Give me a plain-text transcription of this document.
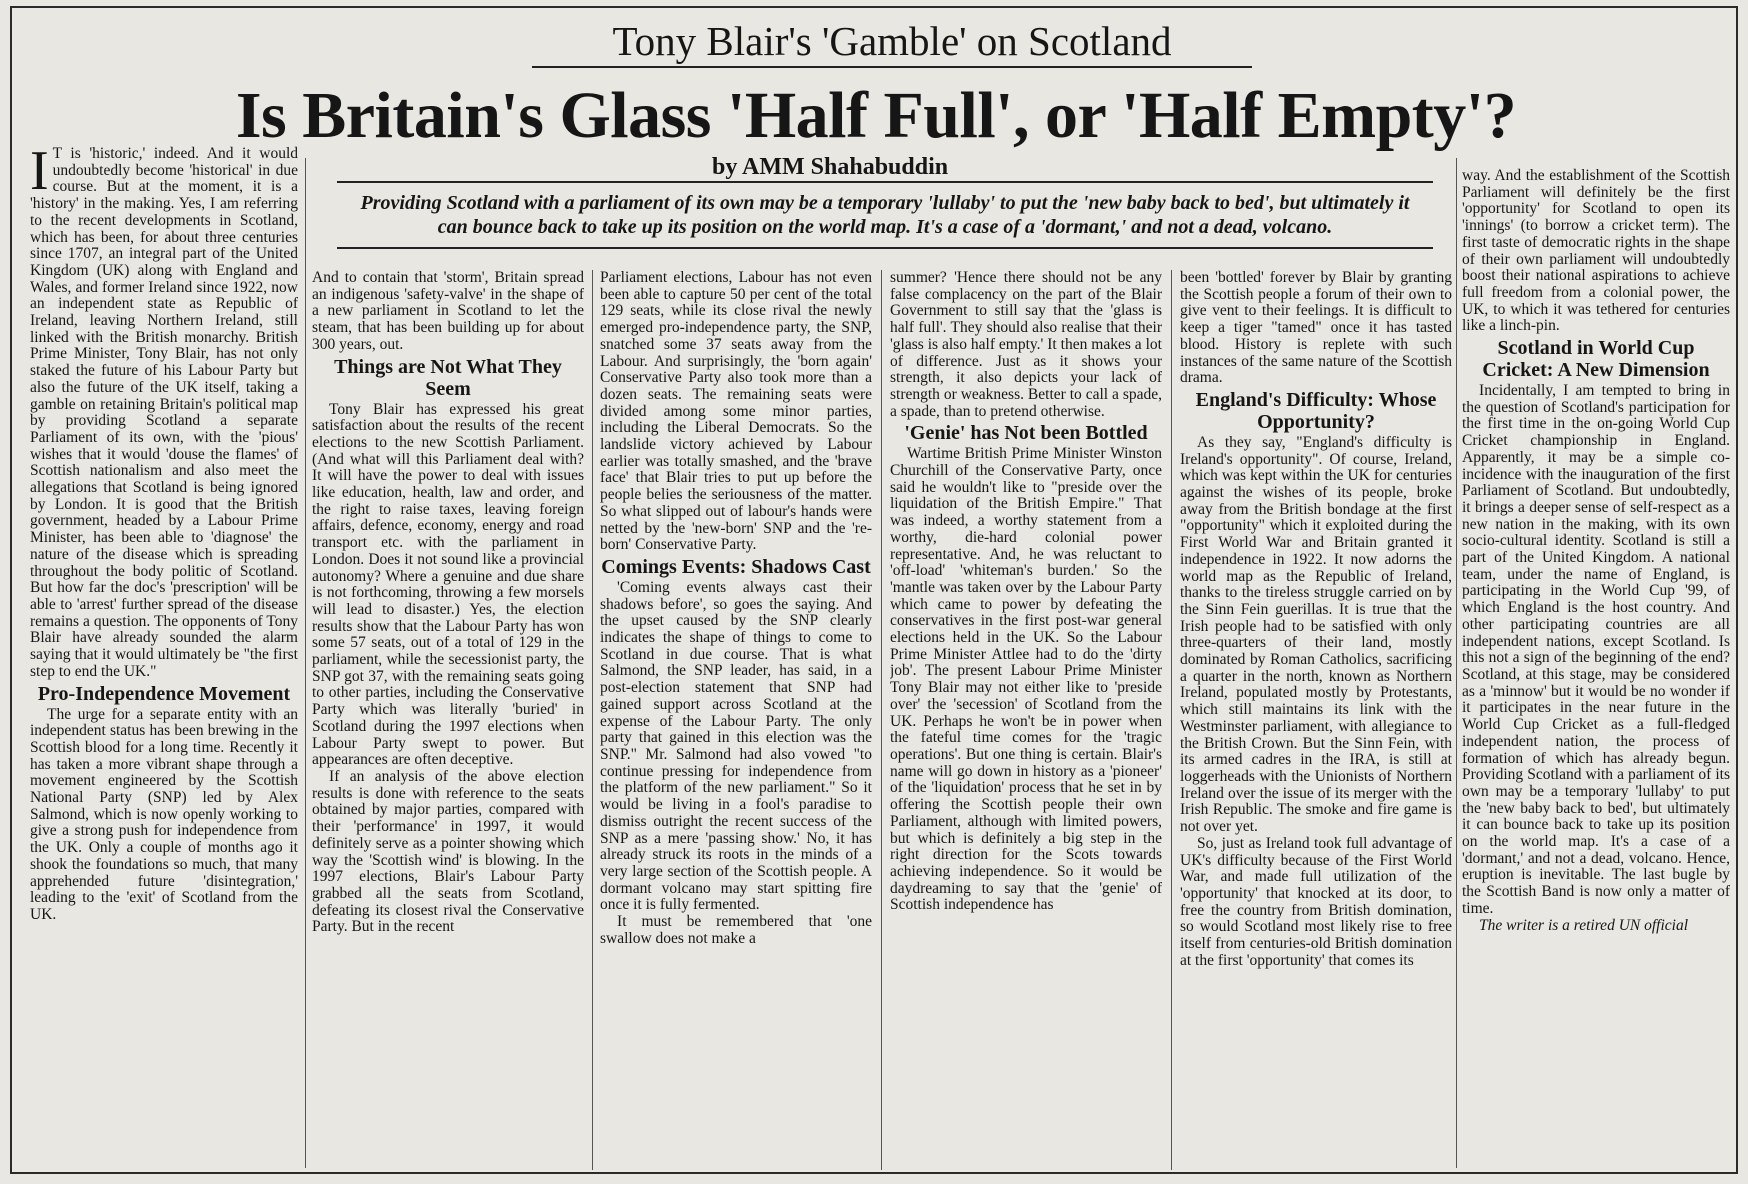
Tony Blair's 'Gamble' on Scotland
Is Britain's Glass 'Half Full', or 'Half Empty'?
by AMM Shahabuddin
Providing Scotland with a parliament of its own may be a temporary 'lullaby' to put the 'new baby back to bed', but ultimately it can bounce back to take up its position on the world map. It's a case of a 'dormant,' and not a dead, volcano.
I T is 'historic,' indeed. And it would undoubtedly become 'historical' in due course. But at the moment, it is a 'history' in the making. Yes, I am referring to the recent developments in Scotland, which has been, for about three centuries since 1707, an integral part of the United Kingdom (UK) along with England and Wales, and former Ireland since 1922, now an independent state as Republic of Ireland, leaving Northern Ireland, still linked with the British monarchy. British Prime Minister, Tony Blair, has not only staked the future of his Labour Party but also the future of the UK itself, taking a gamble on retaining Britain's political map by providing Scotland a separate Parliament of its own, with the 'pious' wishes that it would 'douse the flames' of Scottish nationalism and also meet the allegations that Scotland is being ignored by London. It is good that the British government, headed by a Labour Prime Minister, has been able to 'diagnose' the nature of the disease which is spreading throughout the body politic of Scotland. But how far the doc's 'prescription' will be able to 'arrest' further spread of the disease remains a question. The opponents of Tony Blair have already sounded the alarm saying that it would ultimately be "the first step to end the UK."

Pro-Independence Movement

The urge for a separate entity with an independent status has been brewing in the Scottish blood for a long time. Recently it has taken a more vibrant shape through a movement engineered by the Scottish National Party (SNP) led by Alex Salmond, which is now openly working to give a strong push for independence from the UK. Only a couple of months ago it shook the foundations so much, that many apprehended future 'disintegration,' leading to the 'exit' of Scotland from the UK.

And to contain that 'storm', Britain spread an indigenous 'safety-valve' in the shape of a new parliament in Scotland to let the steam, that has been building up for about 300 years, out.

Things are Not What They Seem

Tony Blair has expressed his great satisfaction about the results of the recent elections to the new Scottish Parliament. (And what will this Parliament deal with? It will have the power to deal with issues like education, health, law and order, and the right to raise taxes, leaving foreign affairs, defence, economy, energy and road transport etc. with the parliament in London. Does it not sound like a provincial autonomy? Where a genuine and due share is not forthcoming, throwing a few morsels will lead to disaster.) Yes, the election results show that the Labour Party has won some 57 seats, out of a total of 129 in the parliament, while the secessionist party, the SNP got 37, with the remaining seats going to other parties, including the Conservative Party which was literally 'buried' in Scotland during the 1997 elections when Labour Party swept to power. But appearances are often deceptive.

If an analysis of the above election results is done with reference to the seats obtained by major parties, compared with their 'performance' in 1997, it would definitely serve as a pointer showing which way the 'Scottish wind' is blowing. In the 1997 elections, Blair's Labour Party grabbed all the seats from Scotland, defeating its closest rival the Conservative Party. But in the recent

Parliament elections, Labour has not even been able to capture 50 per cent of the total 129 seats, while its close rival the newly emerged pro-independence party, the SNP, snatched some 37 seats away from the Labour. And surprisingly, the 'born again' Conservative Party also took more than a dozen seats. The remaining seats were divided among some minor parties, including the Liberal Democrats. So the landslide victory achieved by Labour earlier was totally smashed, and the 'brave face' that Blair tries to put up before the people belies the seriousness of the matter. So what slipped out of labour's hands were netted by the 'new-born' SNP and the 're-born' Conservative Party.

Comings Events: Shadows Cast

'Coming events always cast their shadows before', so goes the saying. And the upset caused by the SNP clearly indicates the shape of things to come to Scotland in due course. That is what Salmond, the SNP leader, has said, in a post-election statement that SNP had gained support across Scotland at the expense of the Labour Party. The only party that gained in this election was the SNP." Mr. Salmond had also vowed "to continue pressing for independence from the platform of the new parliament." So it would be living in a fool's paradise to dismiss outright the recent success of the SNP as a mere 'passing show.' No, it has already struck its roots in the minds of a very large section of the Scottish people. A dormant volcano may start spitting fire once it is fully fermented.

It must be remembered that 'one swallow does not make a

summer? 'Hence there should not be any false complacency on the part of the Blair Government to still say that the 'glass is half full'. They should also realise that their 'glass is also half empty.' It then makes a lot of difference. Just as it shows your strength, it also depicts your lack of strength or weakness. Better to call a spade, a spade, than to pretend otherwise.

'Genie' has Not been Bottled

Wartime British Prime Minister Winston Churchill of the Conservative Party, once said he wouldn't like to "preside over the liquidation of the British Empire." That was indeed, a worthy statement from a worthy, die-hard colonial power representative. And, he was reluctant to 'off-load' 'whiteman's burden.' So the 'mantle was taken over by the Labour Party which came to power by defeating the conservatives in the first post-war general elections held in the UK. So the Labour Prime Minister Attlee had to do the 'dirty job'. The present Labour Prime Minister Tony Blair may not either like to 'preside over' the 'secession' of Scotland from the UK. Perhaps he won't be in power when the fateful time comes for the 'tragic operations'. But one thing is certain. Blair's name will go down in history as a 'pioneer' of the 'liquidation' process that he set in by offering the Scottish people their own Parliament, although with limited powers, but which is definitely a big step in the right direction for the Scots towards achieving independence. So it would be daydreaming to say that the 'genie' of Scottish independence has

been 'bottled' forever by Blair by granting the Scottish people a forum of their own to give vent to their feelings. It is difficult to keep a tiger "tamed" once it has tasted blood. History is replete with such instances of the same nature of the Scottish drama.

England's Difficulty: Whose Opportunity?

As they say, "England's difficulty is Ireland's opportunity". Of course, Ireland, which was kept within the UK for centuries against the wishes of its people, broke away from the British bondage at the first "opportunity" which it exploited during the First World War and Britain granted it independence in 1922. It now adorns the world map as the Republic of Ireland, thanks to the tireless struggle carried on by the Sinn Fein guerillas. It is true that the Irish people had to be satisfied with only three-quarters of their land, mostly dominated by Roman Catholics, sacrificing a quarter in the north, known as Northern Ireland, populated mostly by Protestants, which still maintains its link with the Westminster parliament, with allegiance to the British Crown. But the Sinn Fein, with its armed cadres in the IRA, is still at loggerheads with the Unionists of Northern Ireland over the issue of its merger with the Irish Republic. The smoke and fire game is not over yet.

So, just as Ireland took full advantage of UK's difficulty because of the First World War, and made full utilization of the 'opportunity' that knocked at its door, to free the country from British domination, so would Scotland most likely rise to free itself from centuries-old British domination at the first 'opportunity' that comes its

way. And the establishment of the Scottish Parliament will definitely be the first 'opportunity' for Scotland to open its 'innings' (to borrow a cricket term). The first taste of democratic rights in the shape of their own parliament will undoubtedly boost their national aspirations to achieve full freedom from a colonial power, the UK, to which it was tethered for centuries like a linch-pin.

Scotland in World Cup Cricket: A New Dimension

Incidentally, I am tempted to bring in the question of Scotland's participation for the first time in the on-going World Cup Cricket championship in England. Apparently, it may be a simple co-incidence with the inauguration of the first Parliament of Scotland. But undoubtedly, it brings a deeper sense of self-respect as a new nation in the making, with its own socio-cultural identity. Scotland is still a part of the United Kingdom. A national team, under the name of England, is participating in the World Cup '99, of which England is the host country. And other participating countries are all independent nations, except Scotland. Is this not a sign of the beginning of the end? Scotland, at this stage, may be considered as a 'minnow' but it would be no wonder if it participates in the near future in the World Cup Cricket as a full-fledged independent nation, the process of formation of which has already begun. Providing Scotland with a parliament of its own may be a temporary 'lullaby' to put the 'new baby back to bed', but ultimately it can bounce back to take up its position on the world map. It's a case of a 'dormant,' and not a dead, volcano. Hence, eruption is inevitable. The last bugle by the Scottish Band is now only a matter of time.

The writer is a retired UN official
